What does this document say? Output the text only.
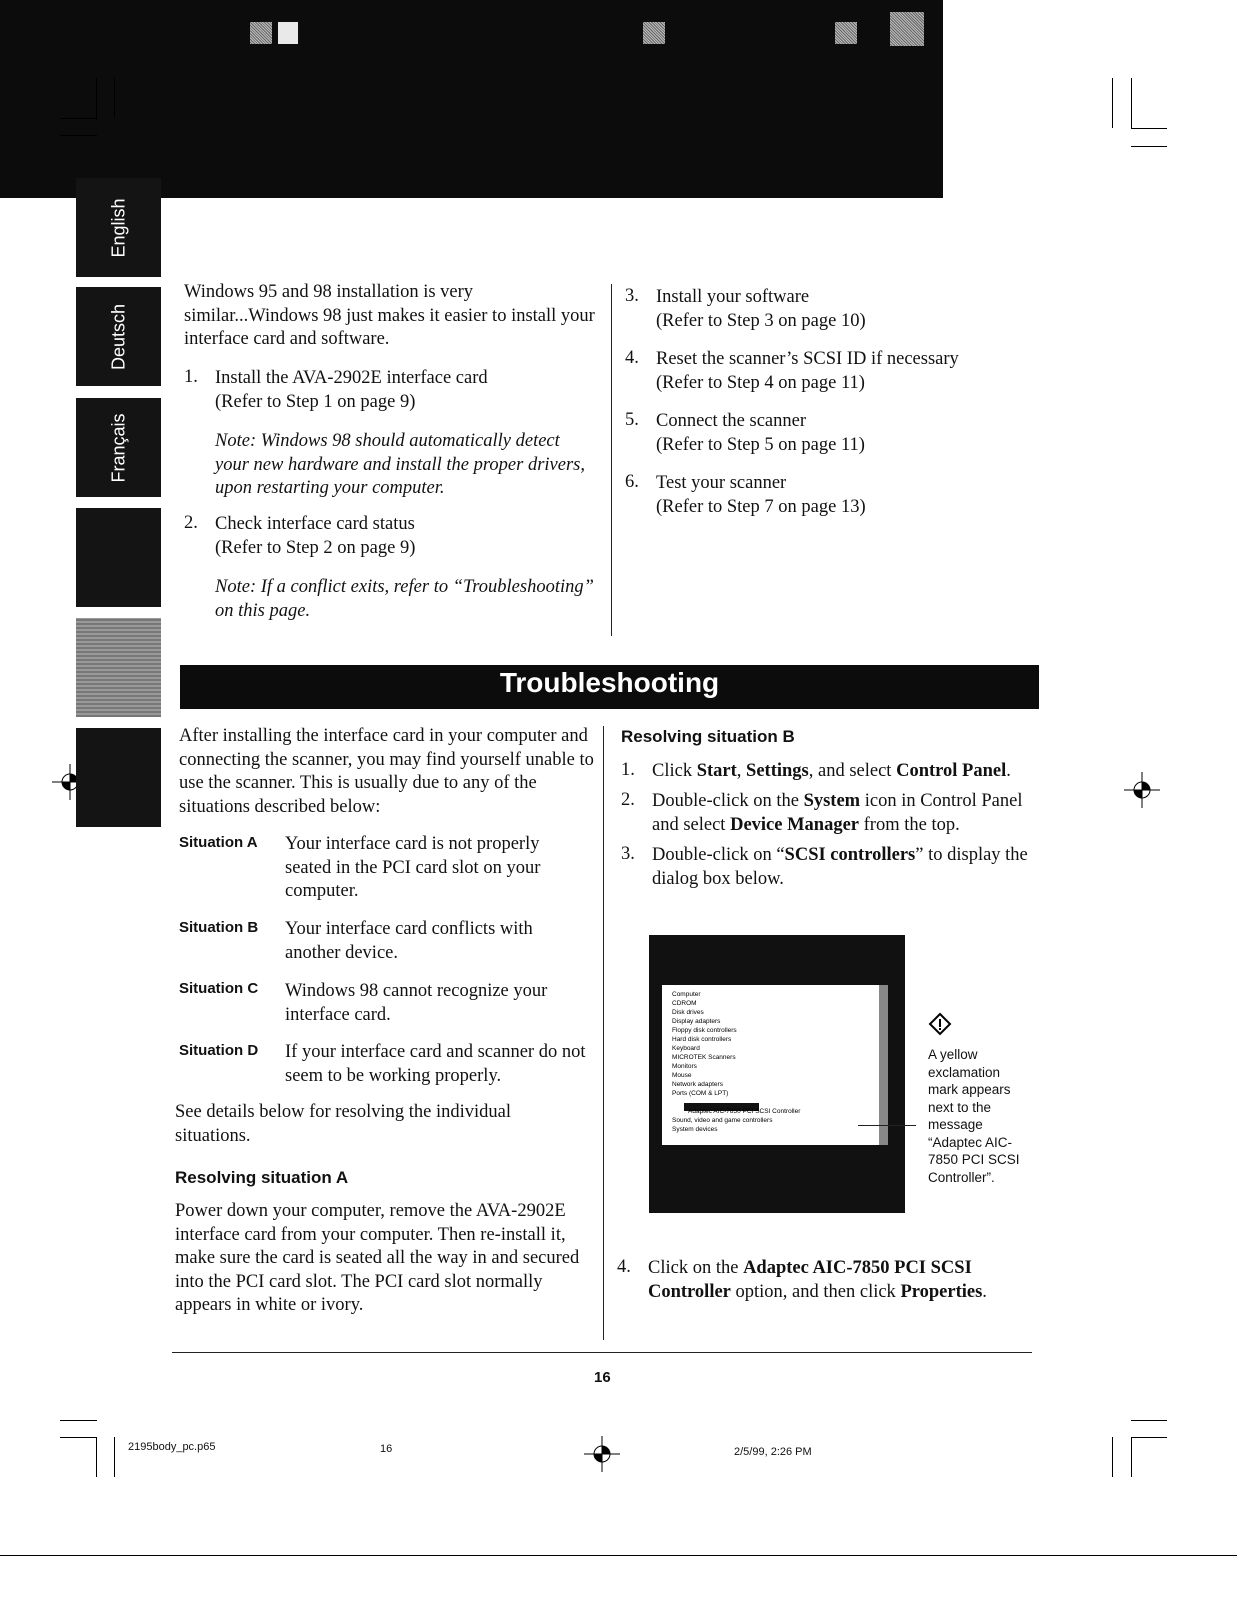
Installation under Windows 98 (SCSI Environment)
English
Deutsch
Français
Windows 95 and 98 installation is very similar...Windows 98 just makes it easier to install your interface card and software.
1. Install the AVA-2902E interface card
(Refer to Step 1 on page 9)
Note: Windows 98 should automatically detect your new hardware and install the proper drivers, upon restarting your computer.
2. Check interface card status
(Refer to Step 2 on page 9)
Note: If a conflict exits, refer to “Troubleshooting” on this page.
3. Install your software
(Refer to Step 3 on page 10)
4. Reset the scanner’s SCSI ID if necessary
(Refer to Step 4 on page 11)
5. Connect the scanner
(Refer to Step 5 on page 11)
6. Test your scanner
(Refer to Step 7 on page 13)
Troubleshooting
After installing the interface card in your computer and connecting the scanner, you may find yourself unable to use the scanner. This is usually due to any of the situations described below:
Situation A Your interface card is not properly seated in the PCI card slot on your computer.
Situation B Your interface card conflicts with another device.
Situation C Windows 98 cannot recognize your interface card.
Situation D If your interface card and scanner do not seem to be working properly.
See details below for resolving the individual situations.
Resolving situation A
Power down your computer, remove the AVA-2902E interface card from your computer. Then re-install it, make sure the card is seated all the way in and secured into the PCI card slot. The PCI card slot normally appears in white or ivory.
Resolving situation B
1. Click Start, Settings, and select Control Panel.
2. Double-click on the System icon in Control Panel and select Device Manager from the top.
3. Double-click on “SCSI controllers” to display the dialog box below.
Computer
CDROM
Disk drives
Display adapters
Floppy disk controllers
Hard disk controllers
Keyboard
MICROTEK Scanners
Monitors
Mouse
Network adapters
Ports (COM & LPT)
Adaptec AIC-7850 PCI SCSI Controller
Sound, video and game controllers
System devices
A yellow exclamation mark appears next to the message “Adaptec AIC-7850 PCI SCSI Controller”.
4. Click on the Adaptec AIC-7850 PCI SCSI Controller option, and then click Properties.
16
2195body_pc.p65	16	2/5/99, 2:26 PM
